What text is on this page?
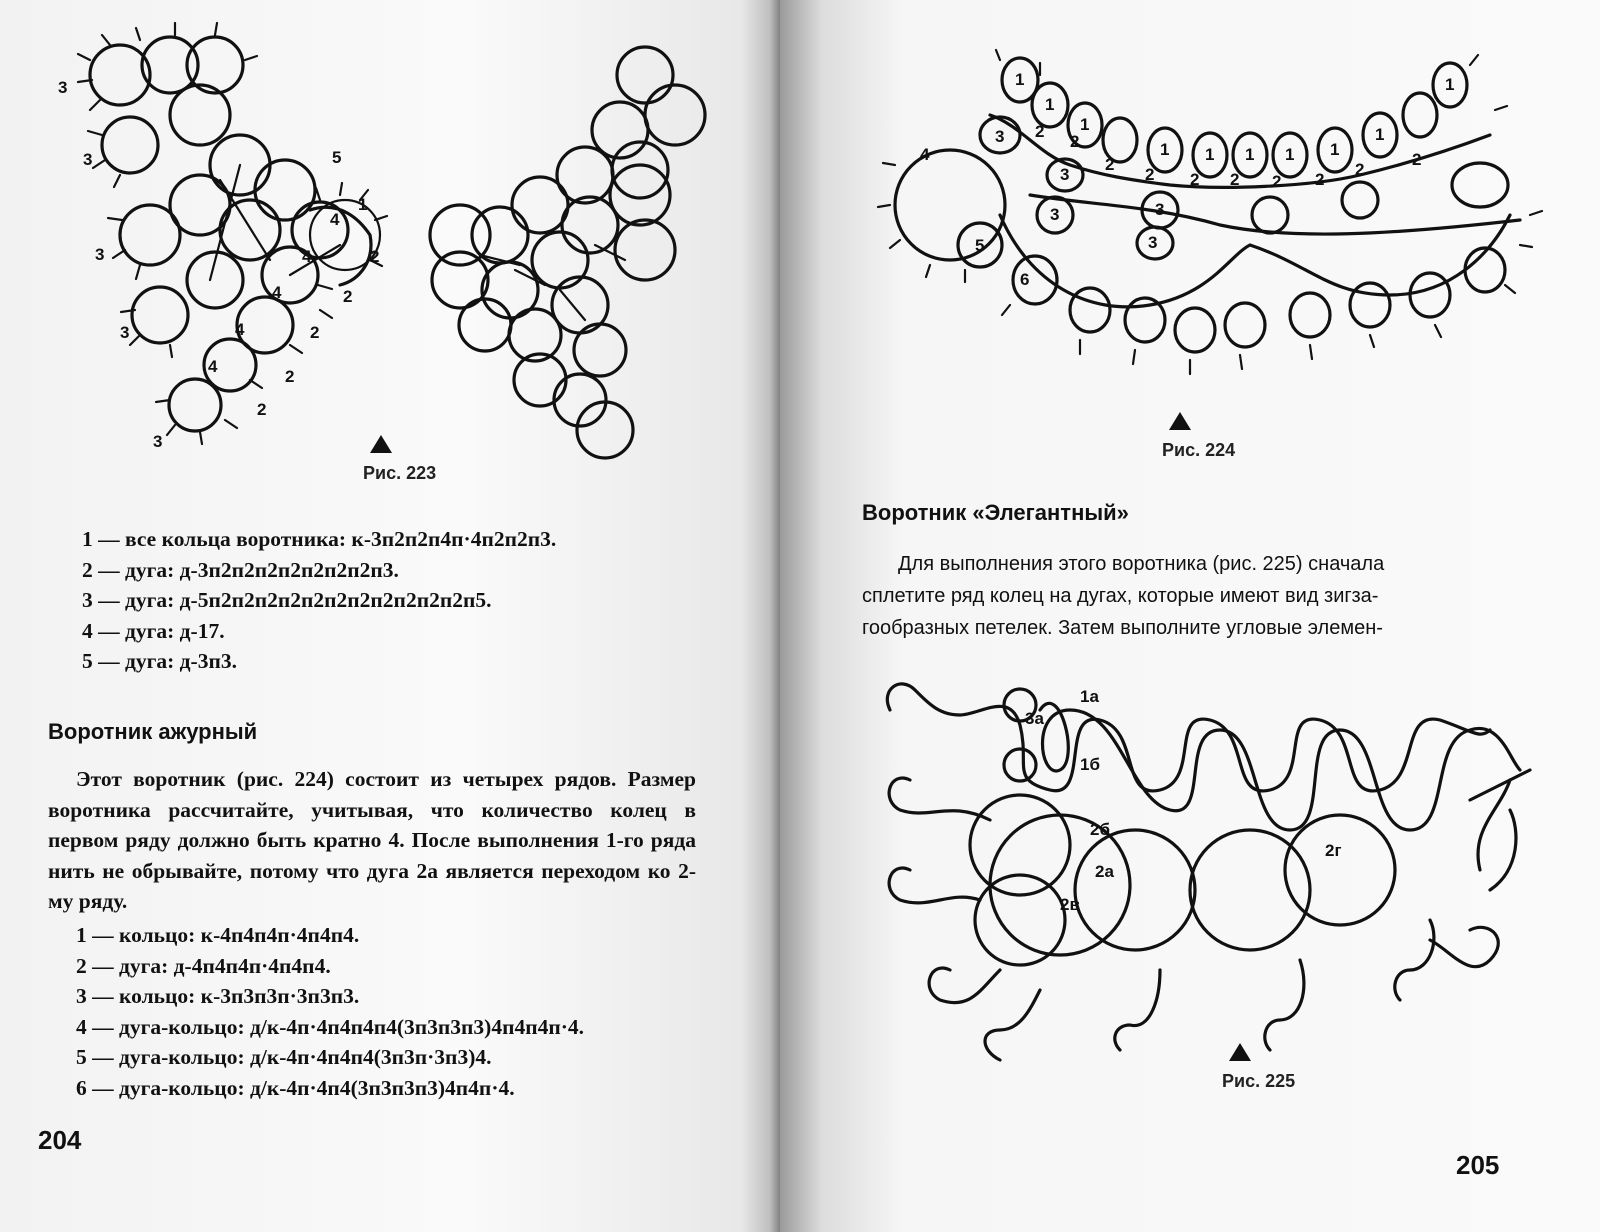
3
3	5
4
1
3	4	2
4	2
3	4	2
4
2
3
2
Рис. 223
1 — все кольца воротника: к-3п2п2п4п·4п2п2п3.
2 — дуга: д-3п2п2п2п2п2п2п2п3.
3 — дуга: д-5п2п2п2п2п2п2п2п2п2п2п2п5.
4 — дуга: д-17.
5 — дуга: д-3п3.
Воротник ажурный

Этот воротник (рис. 224) состоит из четырех рядов. Размер воротника рассчитайте, учитывая, что количество колец в первом ряду должно быть кратно 4. После выполнения 1-го ряда нить не обрывайте, потому что дуга 2а является переходом ко 2-му ряду.

1 — кольцо: к-4п4п4п·4п4п4.
2 — дуга: д-4п4п4п·4п4п4.
3 — кольцо: к-3п3п3п·3п3п3.
4 — дуга-кольцо: д/к-4п·4п4п4п4(3п3п3п3)4п4п4п·4.
5 — дуга-кольцо: д/к-4п·4п4п4(3п3п·3п3)4.
6 — дуга-кольцо: д/к-4п·4п4(3п3п3п3)4п4п·4.
204
1
1
1
4
3 2
2
1
2
1 1 1 1 1
1
2
3	2 2 2 2 2
2
3	3
3
5
6
Рис. 224
Воротник «Элегантный»
Для выполнения этого воротника (рис. 225) сначала
сплетите ряд колец на дугах, которые имеют вид зигза-
гообразных петелек. Затем выполните угловые элемен-
1а
3а
1б
2б
2а
2в
2г
Рис. 225
205
